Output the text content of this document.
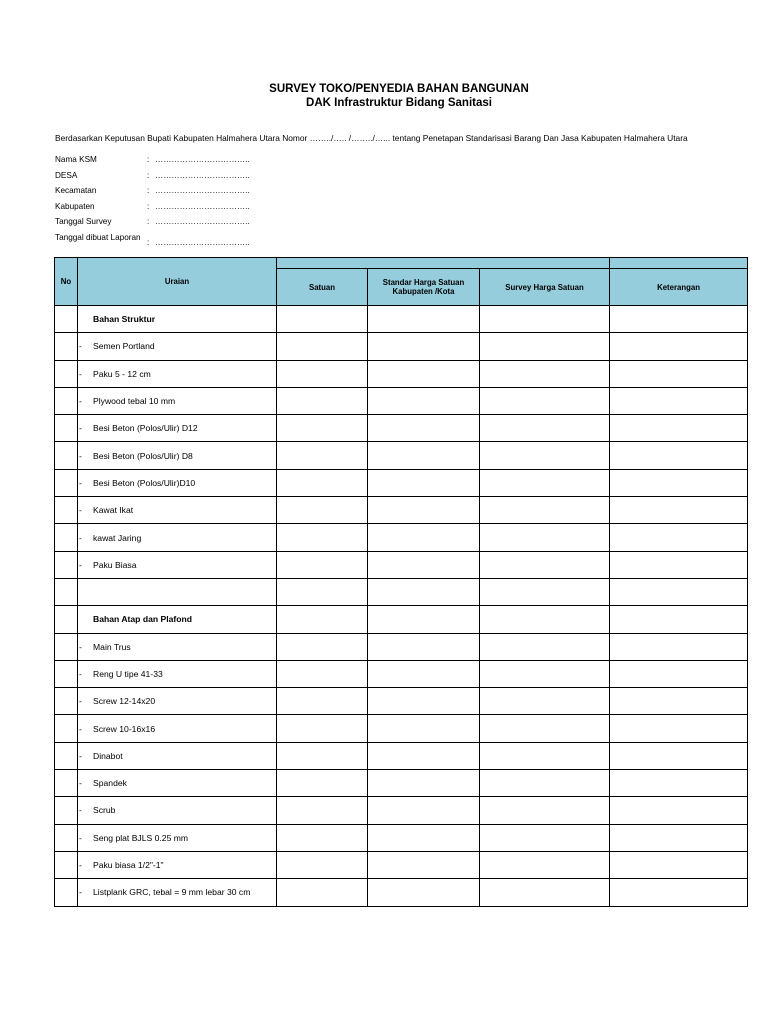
SURVEY TOKO/PENYEDIA BAHAN BANGUNAN
DAK Infrastruktur Bidang Sanitasi
Berdasarkan Keputusan Bupati Kabupaten Halmahera Utara Nomor ……../….. /……../…... tentang Penetapan Standarisasi Barang Dan Jasa Kabupaten Halmahera Utara
Nama KSM	: ……………………………..
DESA	: ……………………………..
Kecamatan	: ……………………………..
Kabupaten	: ……………………………..
Tanggal Survey	: ……………………………..
Tanggal dibuat Laporan
: ……………………………..
No	Uraian				
		Satuan	Standar Harga Satuan Kabupaten /Kota	Survey Harga Satuan	Keterangan

	Bahan Struktur				

	- Semen Portland				

	- Paku 5 - 12 cm				

	- Plywood tebal 10 mm				

	- Besi Beton (Polos/Ulir) D12				

	- Besi Beton (Polos/Ulir) D8				

	- Besi Beton (Polos/Ulir)D10				

	- Kawat Ikat				

	- kawat Jaring				

	- Paku Biasa				

	Bahan Atap dan Plafond				

	- Main Trus				

	- Reng U tipe 41-33				

	- Screw 12-14x20				

	- Screw 10-16x16				

	- Dinabot				

	- Spandek				

	- Scrub				

	- Seng plat BJLS 0.25 mm				

	- Paku biasa 1/2"-1"				

	- Listplank GRC, tebal = 9 mm lebar 30 cm				
